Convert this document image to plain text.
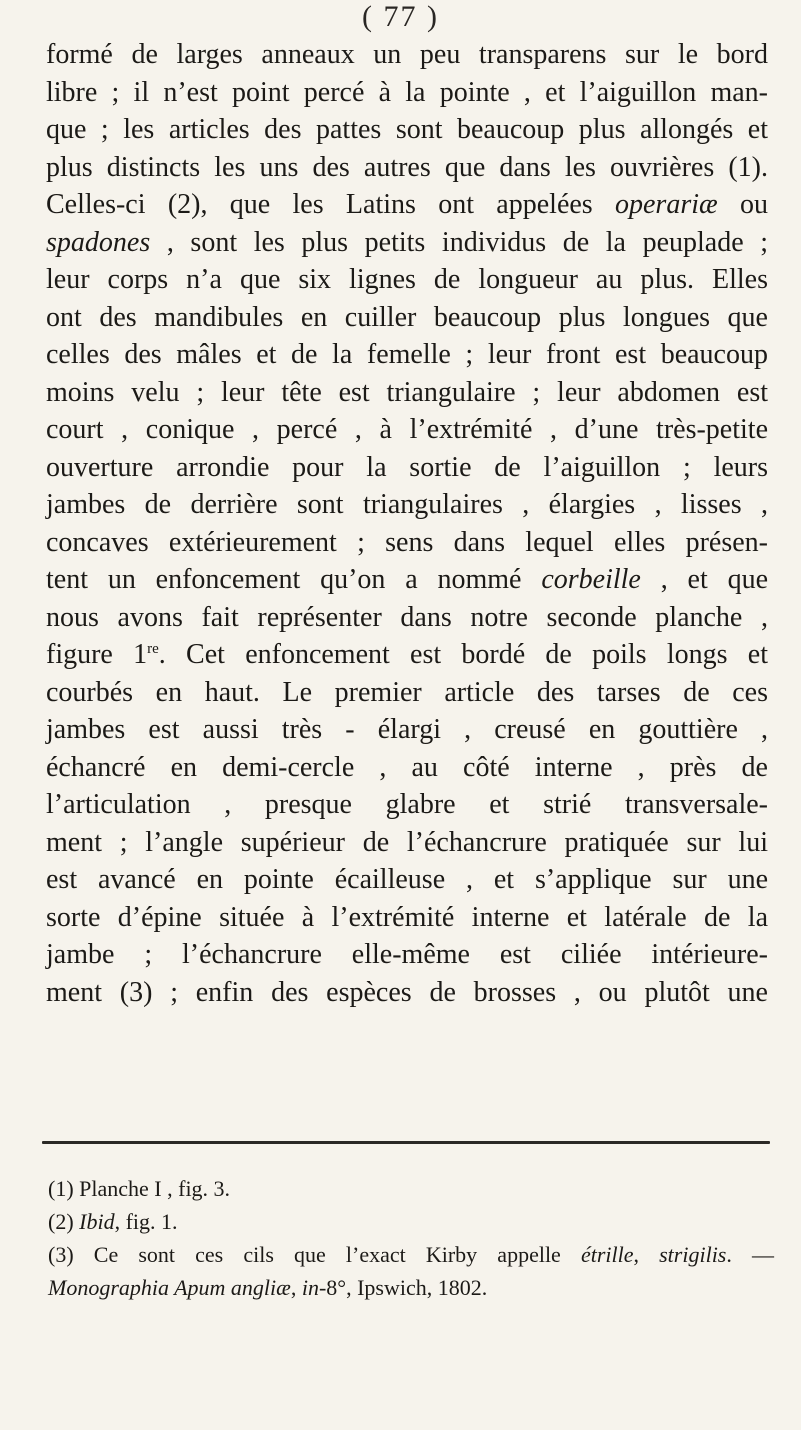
( 77 )
formé de larges anneaux un peu transparens sur le bord
libre ; il n’est point percé à la pointe , et l’aiguillon man-
que ; les articles des pattes sont beaucoup plus allongés et
plus distincts les uns des autres que dans les ouvrières (1).
Celles-ci (2), que les Latins ont appelées operariæ ou
spadones , sont les plus petits individus de la peuplade ;
leur corps n’a que six lignes de longueur au plus. Elles
ont des mandibules en cuiller beaucoup plus longues que
celles des mâles et de la femelle ; leur front est beaucoup
moins velu ; leur tête est triangulaire ; leur abdomen est
court , conique , percé , à l’extrémité , d’une très-petite
ouverture arrondie pour la sortie de l’aiguillon ; leurs
jambes de derrière sont triangulaires , élargies , lisses ,
concaves extérieurement ; sens dans lequel elles présen-
tent un enfoncement qu’on a nommé corbeille , et que
nous avons fait représenter dans notre seconde planche ,
figure 1re. Cet enfoncement est bordé de poils longs et
courbés en haut. Le premier article des tarses de ces
jambes est aussi très - élargi , creusé en gouttière ,
échancré en demi-cercle , au côté interne , près de
l’articulation , presque glabre et strié transversale-
ment ; l’angle supérieur de l’échancrure pratiquée sur lui
est avancé en pointe écailleuse , et s’applique sur une
sorte d’épine située à l’extrémité interne et latérale de la
jambe ; l’échancrure elle-même est ciliée intérieure-
ment (3) ; enfin des espèces de brosses , ou plutôt une
(1) Planche I , fig. 3.
(2) Ibid, fig. 1.
(3) Ce sont ces cils que l’exact Kirby appelle étrille, strigilis. —
Monographia Apum angliæ, in-8°, Ipswich, 1802.
